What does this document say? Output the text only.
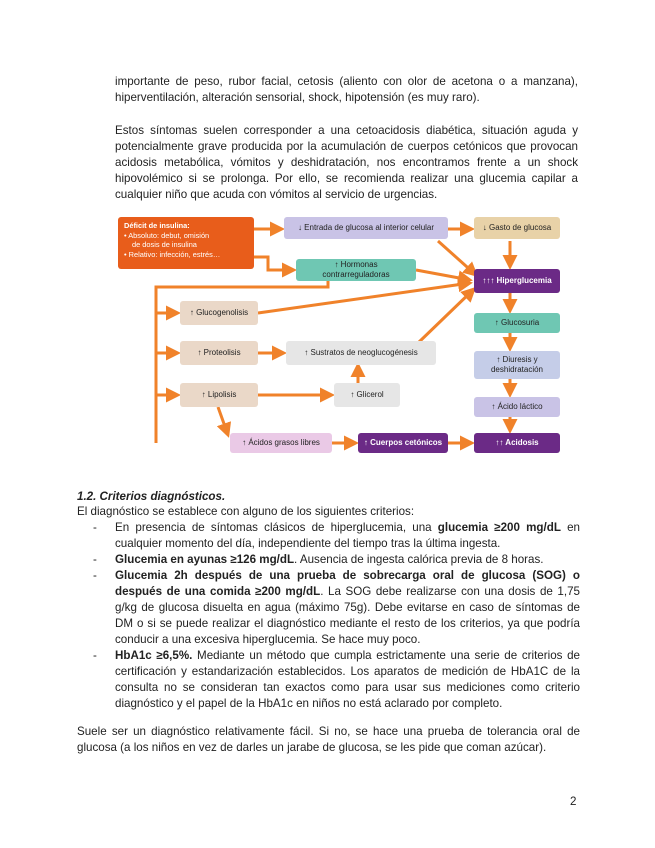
importante de peso, rubor facial, cetosis (aliento con olor de acetona o a manzana), hiperventilación, alteración sensorial, shock, hipotensión (es muy raro).

Estos síntomas suelen corresponder a una cetoacidosis diabética, situación aguda y potencialmente grave producida por la acumulación de cuerpos cetónicos que provocan acidosis metabólica, vómitos y deshidratación, nos encontramos frente a un shock hipovolémico si se prolonga. Por ello, se recomienda realizar una glucemia capilar a cualquier niño que acuda con vómitos al servicio de urgencias.

Déficit de insulina:
• Absoluto: debut, omisión
de dosis de insulina
• Relativo: infección, estrés…
↓ Entrada de glucosa al interior celular	↓ Gasto de glucosa
↑ Hormonas contrarreguladoras
↑↑↑ Hiperglucemia
↑ Glucogenolisis
↑ Glucosuria
↑ Proteolisis	↑ Sustratos de neoglucogénesis
↑ Diuresis y
deshidratación
↑ Lipolisis	↑ Glicerol
↑ Ácido láctico
↑ Ácidos grasos libres	↑ Cuerpos cetónicos	↑↑ Acidosis

1.2. Criterios diagnósticos.

El diagnóstico se establece con alguno de los siguientes criterios:

- En presencia de síntomas clásicos de hiperglucemia, una glucemia ≥200 mg/dL en cualquier momento del día, independiente del tiempo tras la última ingesta.
- Glucemia en ayunas ≥126 mg/dL. Ausencia de ingesta calórica previa de 8 horas.
- Glucemia 2h después de una prueba de sobrecarga oral de glucosa (SOG) o después de una comida ≥200 mg/dL. La SOG debe realizarse con una dosis de 1,75 g/kg de glucosa disuelta en agua (máximo 75g). Debe evitarse en caso de síntomas de DM o si se puede realizar el diagnóstico mediante el resto de los criterios, ya que podría conducir a una excesiva hiperglucemia. Se hace muy poco.
- HbA1c ≥6,5%. Mediante un método que cumpla estrictamente una serie de criterios de certificación y estandarización establecidos. Los aparatos de medición de HbA1C de la consulta no se consideran tan exactos como para usar sus mediciones como criterio diagnóstico y el papel de la HbA1c en niños no está aclarado por completo.

Suele ser un diagnóstico relativamente fácil. Si no, se hace una prueba de tolerancia oral de glucosa (a los niños en vez de darles un jarabe de glucosa, se les pide que coman azúcar).

2
